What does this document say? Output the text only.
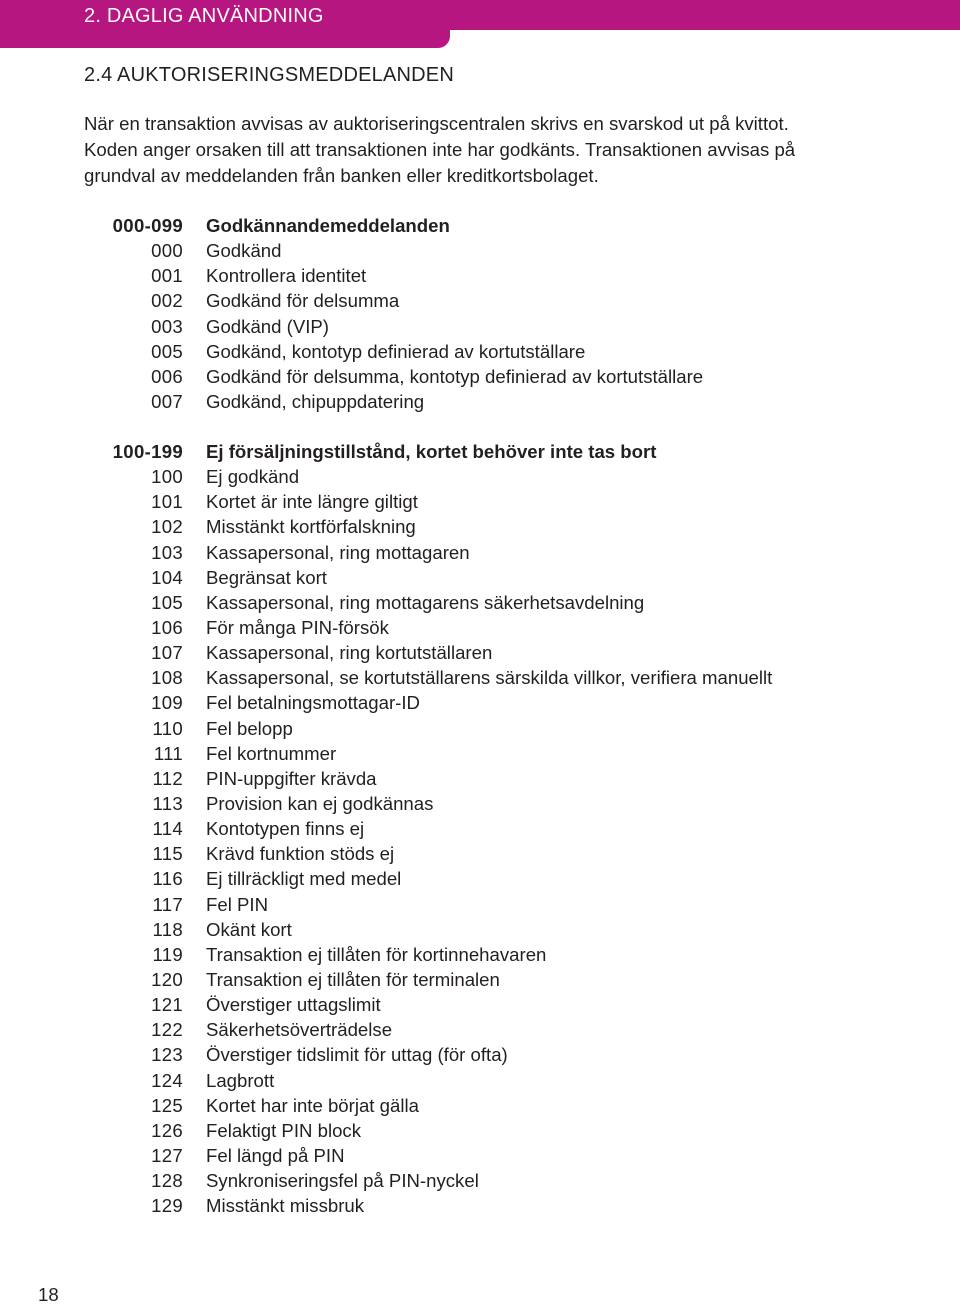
2. DAGLIG ANVÄNDNING
2.4 AUKTORISERINGSMEDDELANDEN
När en transaktion avvisas av auktoriseringscentralen skrivs en svarskod ut på kvittot.
Koden anger orsaken till att transaktionen inte har godkänts. Transaktionen avvisas på
grundval av meddelanden från banken eller kreditkortsbolaget.
000-099 Godkännandemeddelanden
000 Godkänd
001 Kontrollera identitet
002 Godkänd för delsumma
003 Godkänd (VIP)
005 Godkänd, kontotyp definierad av kortutställare
006 Godkänd för delsumma, kontotyp definierad av kortutställare
007 Godkänd, chipuppdatering
100-199 Ej försäljningstillstånd, kortet behöver inte tas bort
100 Ej godkänd
101 Kortet är inte längre giltigt
102 Misstänkt kortförfalskning
103 Kassapersonal, ring mottagaren
104 Begränsat kort
105 Kassapersonal, ring mottagarens säkerhetsavdelning
106 För många PIN-försök
107 Kassapersonal, ring kortutställaren
108 Kassapersonal, se kortutställarens särskilda villkor, verifiera manuellt
109 Fel betalningsmottagar-ID
110 Fel belopp
111 Fel kortnummer
112 PIN-uppgifter krävda
113 Provision kan ej godkännas
114 Kontotypen finns ej
115 Krävd funktion stöds ej
116 Ej tillräckligt med medel
117 Fel PIN
118 Okänt kort
119 Transaktion ej tillåten för kortinnehavaren
120 Transaktion ej tillåten för terminalen
121 Överstiger uttagslimit
122 Säkerhetsöverträdelse
123 Överstiger tidslimit för uttag (för ofta)
124 Lagbrott
125 Kortet har inte börjat gälla
126 Felaktigt PIN block
127 Fel längd på PIN
128 Synkroniseringsfel på PIN-nyckel
129 Misstänkt missbruk
18
